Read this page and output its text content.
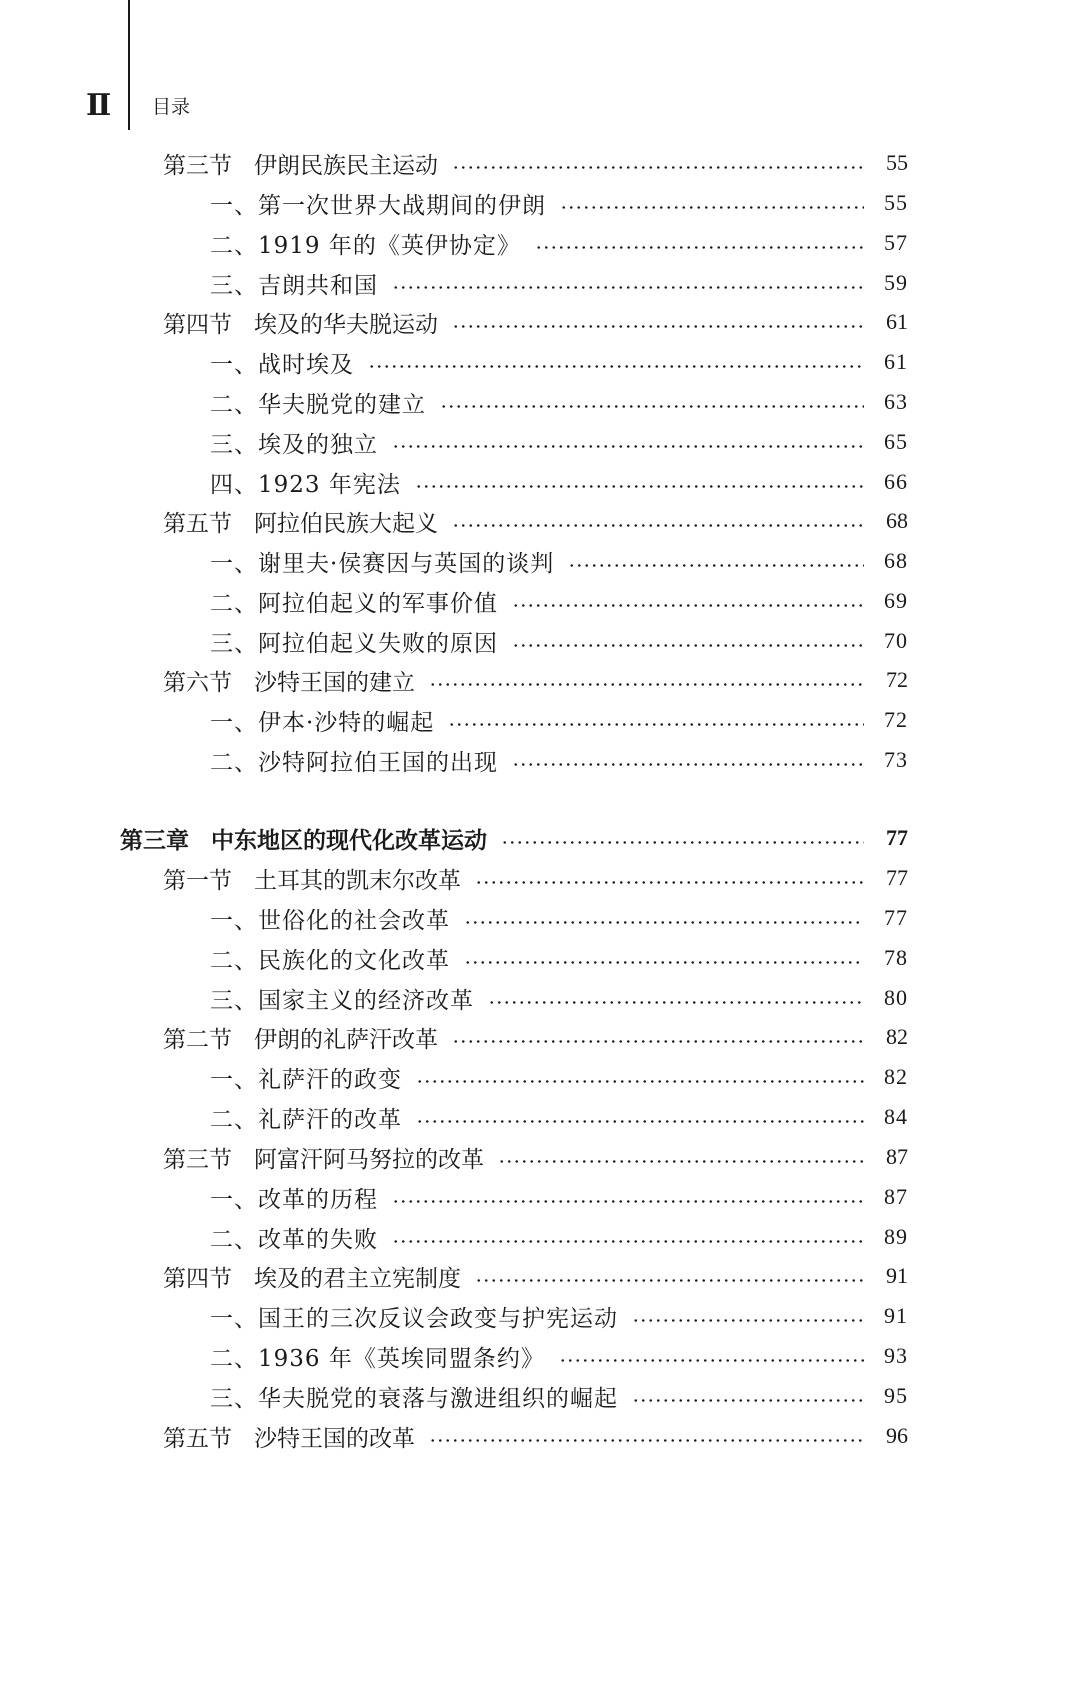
Ⅱ 目录
第三节 伊朗民族民主运动	55
一、第一次世界大战期间的伊朗	55
二、1919 年的《英伊协定》	57
三、吉朗共和国	59
第四节 埃及的华夫脱运动	61
一、战时埃及	61
二、华夫脱党的建立	63
三、埃及的独立	65
四、1923 年宪法	66
第五节 阿拉伯民族大起义	68
一、谢里夫·侯赛因与英国的谈判	68
二、阿拉伯起义的军事价值	69
三、阿拉伯起义失败的原因	70
第六节 沙特王国的建立	72
一、伊本·沙特的崛起	72
二、沙特阿拉伯王国的出现	73
第三章 中东地区的现代化改革运动	77
第一节 土耳其的凯末尔改革	77
一、世俗化的社会改革	77
二、民族化的文化改革	78
三、国家主义的经济改革	80
第二节 伊朗的礼萨汗改革	82
一、礼萨汗的政变	82
二、礼萨汗的改革	84
第三节 阿富汗阿马努拉的改革	87
一、改革的历程	87
二、改革的失败	89
第四节 埃及的君主立宪制度	91
一、国王的三次反议会政变与护宪运动	91
二、1936 年《英埃同盟条约》	93
三、华夫脱党的衰落与激进组织的崛起	95
第五节 沙特王国的改革	96
